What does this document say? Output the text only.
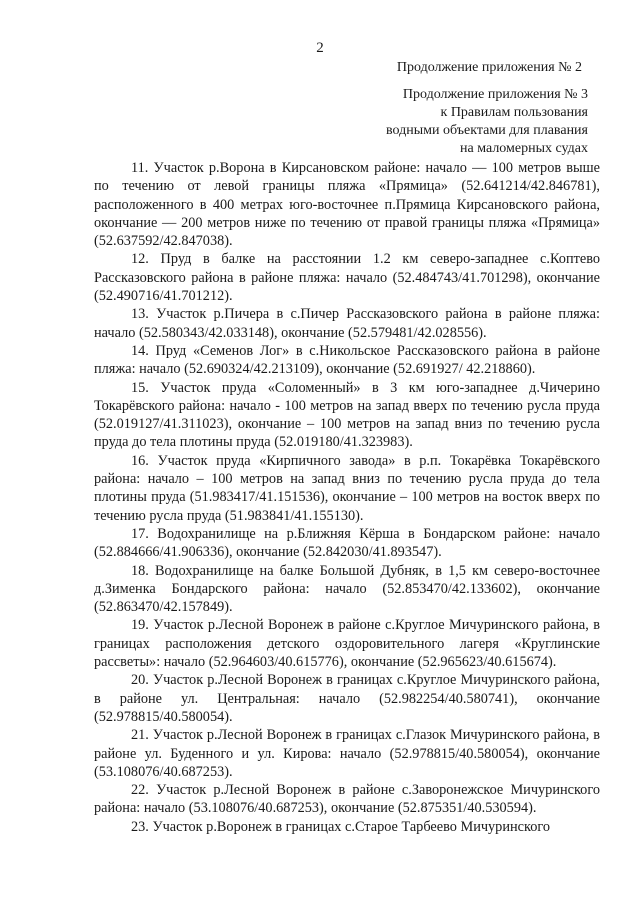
2
Продолжение приложения № 2
Продолжение приложения № 3
к Правилам пользования
водными объектами для плавания
на маломерных судах

11. Участок р.Ворона в Кирсановском районе: начало — 100 метров выше по течению от левой границы пляжа «Прямица» (52.641214/42.846781), расположенного в 400 метрах юго-восточнее п.Прямица Кирсановского района, окончание — 200 метров ниже по течению от правой границы пляжа «Прямица» (52.637592/42.847038).

12. Пруд в балке на расстоянии 1.2 км северо-западнее с.Коптево Рассказовского района в районе пляжа: начало (52.484743/41.701298), окончание (52.490716/41.701212).

13. Участок р.Пичера в с.Пичер Рассказовского района в районе пляжа: начало (52.580343/42.033148), окончание (52.579481/42.028556).

14. Пруд «Семенов Лог» в с.Никольское Рассказовского района в районе пляжа: начало (52.690324/42.213109), окончание (52.691927/ 42.218860).

15. Участок пруда «Соломенный» в 3 км юго-западнее д.Чичерино Токарёвского района: начало - 100 метров на запад вверх по течению русла пруда (52.019127/41.311023), окончание – 100 метров на запад вниз по течению русла пруда до тела плотины пруда (52.019180/41.323983).

16. Участок пруда «Кирпичного завода» в р.п. Токарёвка Токарёвского района: начало – 100 метров на запад вниз по течению русла пруда до тела плотины пруда (51.983417/41.151536), окончание – 100 метров на восток вверх по течению русла пруда (51.983841/41.155130).

17. Водохранилище на р.Ближняя Кёрша в Бондарском районе: начало (52.884666/41.906336), окончание (52.842030/41.893547).

18. Водохранилище на балке Большой Дубняк, в 1,5 км северо-восточнее д.Зименка Бондарского района: начало (52.853470/42.133602), окончание (52.863470/42.157849).

19. Участок р.Лесной Воронеж в районе с.Круглое Мичуринского района, в границах расположения детского оздоровительного лагеря «Круглинские рассветы»: начало (52.964603/40.615776), окончание (52.965623/40.615674).

20. Участок р.Лесной Воронеж в границах с.Круглое Мичуринского района, в районе ул. Центральная: начало (52.982254/40.580741), окончание (52.978815/40.580054).

21. Участок р.Лесной Воронеж в границах с.Глазок Мичуринского района, в районе ул. Буденного и ул. Кирова: начало (52.978815/40.580054), окончание (53.108076/40.687253).

22. Участок р.Лесной Воронеж в районе с.Заворонежское Мичуринского района: начало (53.108076/40.687253), окончание (52.875351/40.530594).

23. Участок р.Воронеж в границах с.Старое Тарбеево Мичуринского
